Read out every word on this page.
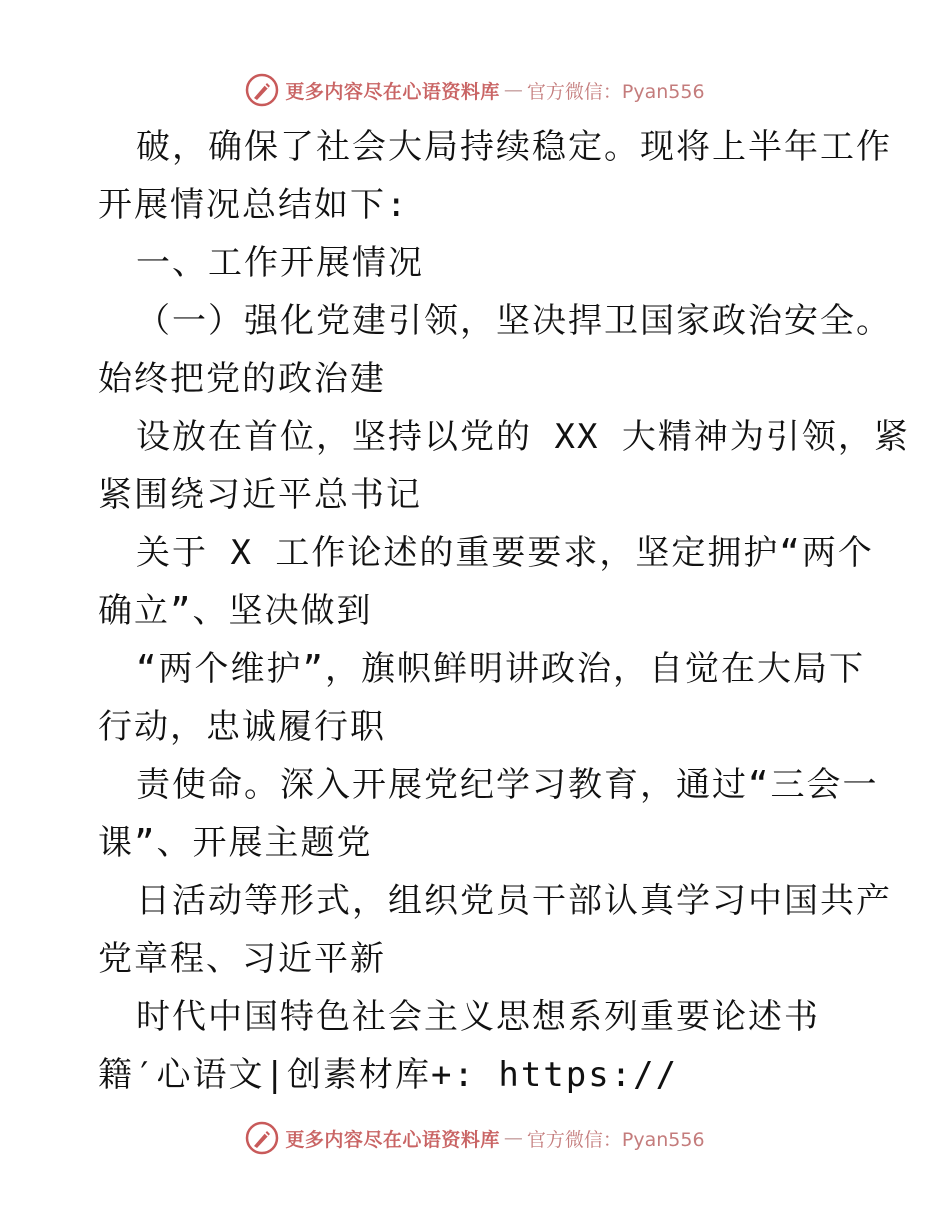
更多内容尽在心语资料库 — 官方微信：Pyan556
破，确保了社会大局持续稳定。现将上半年工作
开展情况总结如下:
一、工作开展情况
（一）强化党建引领，坚决捍卫国家政治安全。
始终把党的政治建
设放在首位，坚持以党的 XX 大精神为引领，紧
紧围绕习近平总书记
关于 X 工作论述的重要要求，坚定拥护“两个
确立”、坚决做到
“两个维护”，旗帜鲜明讲政治，自觉在大局下
行动，忠诚履行职
责使命。深入开展党纪学习教育，通过“三会一
课”、开展主题党
日活动等形式，组织党员干部认真学习中国共产
党章程、习近平新
时代中国特色社会主义思想系列重要论述书
籍′心语文|创素材库+: https://
更多内容尽在心语资料库 — 官方微信：Pyan556
